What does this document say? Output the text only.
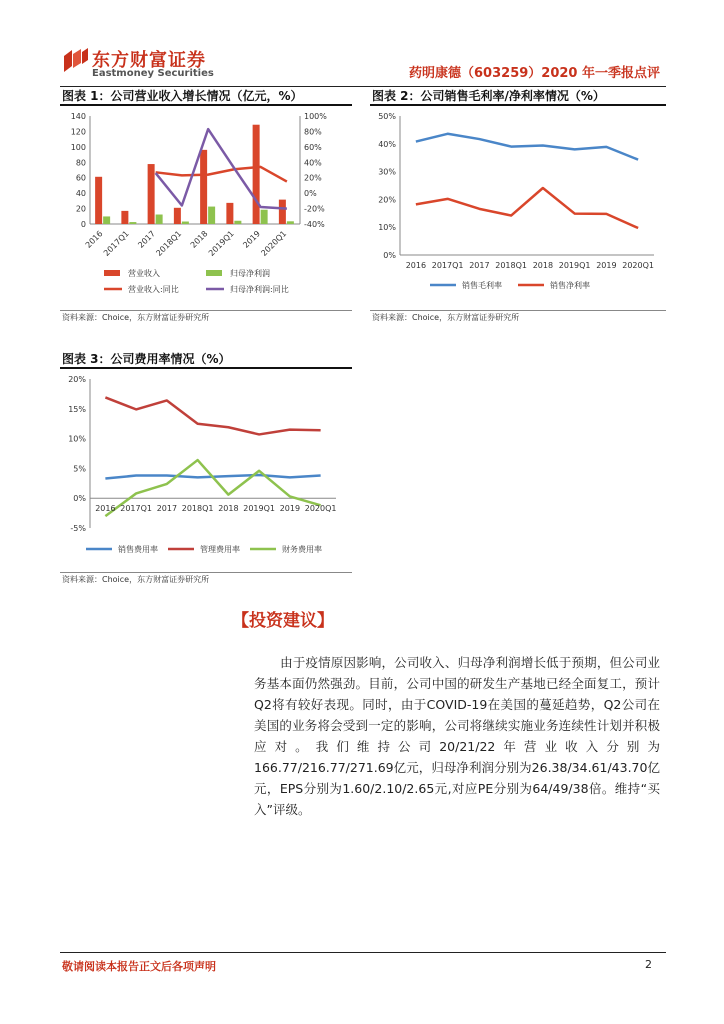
东方财富证券
Eastmoney Securities	药明康德（603259）2020 年一季报点评
图表 1：公司营业收入增长情况（亿元，%）
0
20
40
60
80
100
120
140
-40%
-20%
0%
20%
40%
60%
80%
100%
2016
2017Q1 2017
2018Q1 2018
2019Q1 2019
2020Q1
营业收入	归母净利润
营业收入:同比	归母净利润:同比
资料来源：Choice，东方财富证券研究所
图表 2：公司销售毛利率/净利率情况（%）
0%
10%
20%
30%
40%
50%
2016 2017Q1 2017 2018Q1 2018 2019Q1 2019 2020Q1
销售毛利率	销售净利率
资料来源：Choice，东方财富证券研究所
图表 3：公司费用率情况（%）
-5%
0%
5%
10%
15%
20%
2016 2017Q1 2017 2018Q1 2018 2019Q1 2019 2020Q1
销售费用率	管理费用率	财务费用率
资料来源：Choice，东方财富证券研究所
【投资建议】
由于疫情原因影响，公司收入、归母净利润增长低于预期，但公司业务基本面仍然强劲。目前，公司中国的研发生产基地已经全面复工，预计Q2将有较好表现。同时，由于COVID-19在美国的蔓延趋势，Q2公司在美国的业务将会受到一定的影响，公司将继续实施业务连续性计划并积极应对。我们维持公司20/21/22年营业收入分别为166.77/216.77/271.69亿元，归母净利润分别为26.38/34.61/43.70亿元，EPS分别为1.60/2.10/2.65元,对应PE分别为64/49/38倍。维持“买入”评级。
敬请阅读本报告正文后各项声明	2
